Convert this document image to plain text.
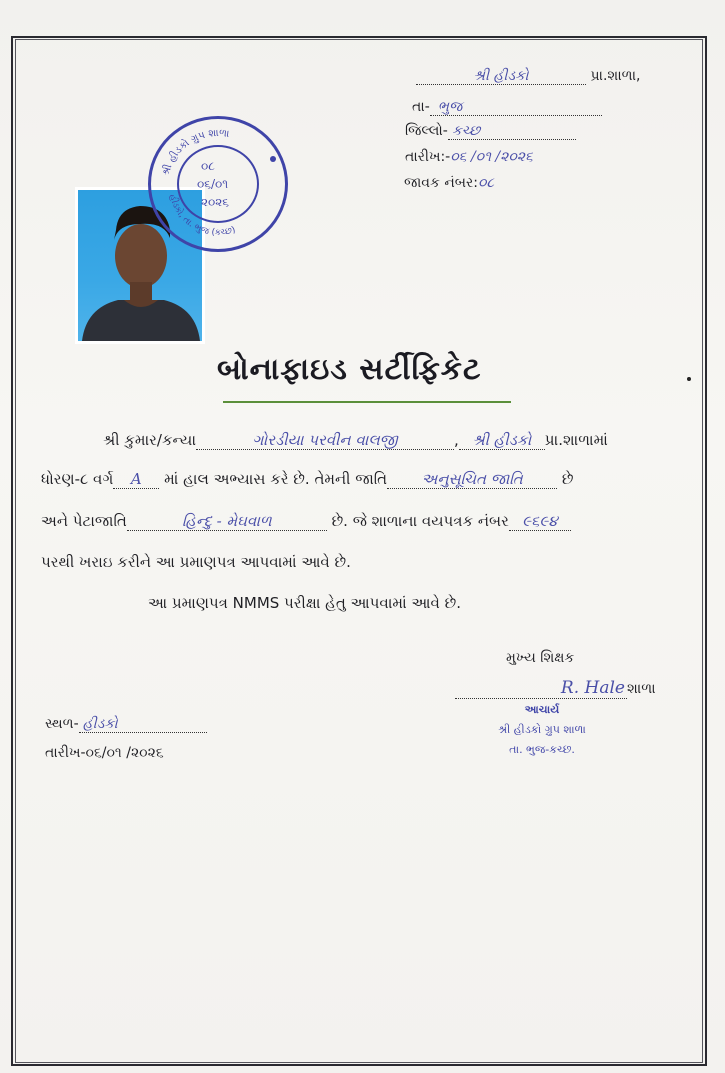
શ્રી હીડકો	પ્રા.શાળા,
તા- ભુજ
જિલ્લો- કચ્છ
તારીખ:-૦૬ /૦૧ /૨૦૨૬
જાવક નંબર:૦૮
શ્રી હીડકો ગ્રુપ શાળા
હીડકો, તા. ભુજ (કચ્છ)
૦૮
૦૬/૦૧
૨૦૨૬
બોનાફાઇડ સર્ટીફિકેટ
શ્રી કુમાર/કન્યા	ગોરડીયા પરવીન વાલજી	, શ્રી હીડકો પ્રા.શાળામાં
ધોરણ-૮ વર્ગ A માં હાલ અભ્યાસ કરે છે. તેમની જાતિ અનુસૂચિત જાતિ	છે
અને પેટાજાતિ	હિન્દુ - મેઘવાળ	છે. જે શાળાના વયપત્રક નંબર ૯૬૯૪
પરથી ખરાઇ કરીને આ પ્રમાણપત્ર આપવામાં આવે છે.
આ પ્રમાણપત્ર NMMS પરીક્ષા હેતુ આપવામાં આવે છે.
મુખ્ય શિક્ષક
R. Hale શાળા
આચાર્ય
શ્રી હીડકો ગ્રુપ શાળા
તા. ભુજ-કચ્છ.
સ્થળ- હીડકો
તારીખ-૦૬/૦૧ /૨૦૨૬
